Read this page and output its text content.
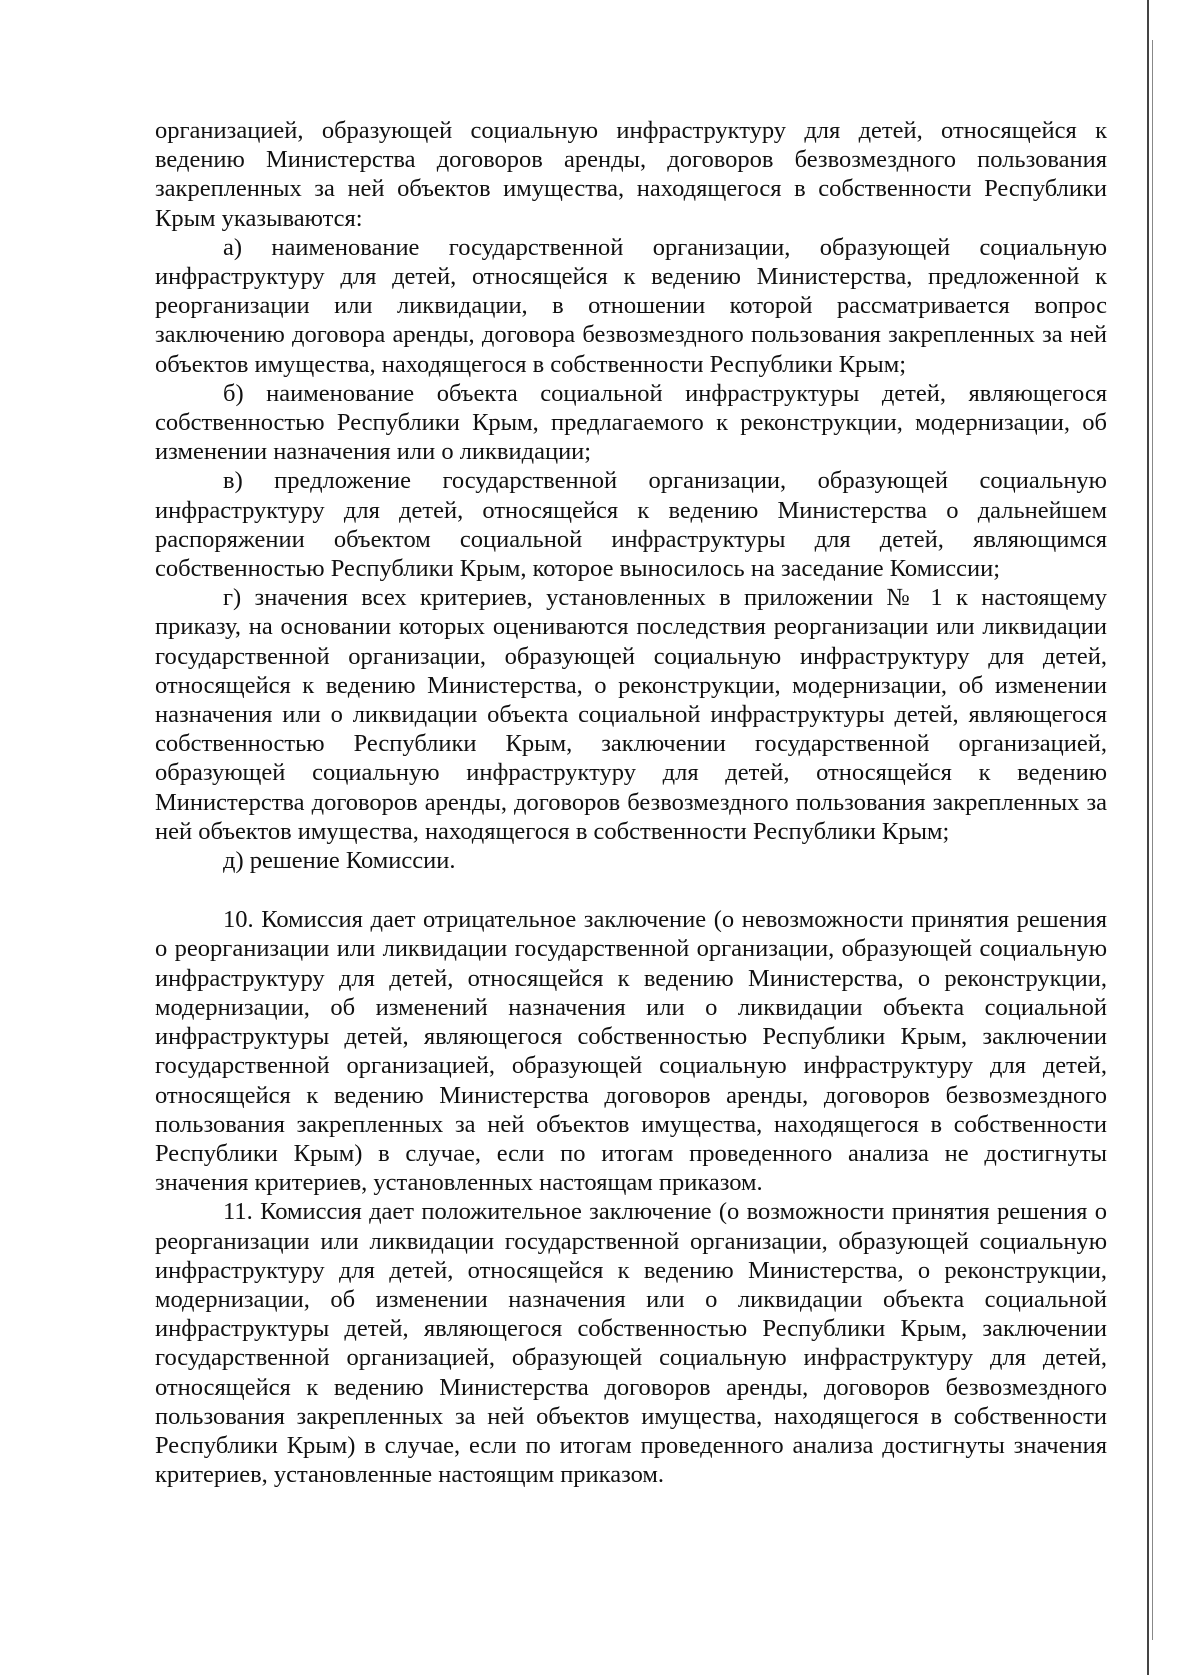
организацией, образующей социальную инфраструктуру для детей, относящейся к ведению Министерства договоров аренды, договоров безвозмездного пользования закрепленных за ней объектов имущества, находящегося в собственности Республики Крым указываются:

а) наименование государственной организации, образующей социальную инфраструктуру для детей, относящейся к ведению Министерства, предложенной к реорганизации или ликвидации, в отношении которой рассматривается вопрос заключению договора аренды, договора безвозмездного пользования закрепленных за ней объектов имущества, находящегося в собственности Республики Крым;

б) наименование объекта социальной инфраструктуры детей, являющегося собственностью Республики Крым, предлагаемого к реконструкции, модернизации, об изменении назначения или о ликвидации;

в) предложение государственной организации, образующей социальную инфраструктуру для детей, относящейся к ведению Министерства о дальнейшем распоряжении объектом социальной инфраструктуры для детей, являющимся собственностью Республики Крым, которое выносилось на заседание Комиссии;

г) значения всех критериев, установленных в приложении № 1 к настоящему приказу, на основании которых оцениваются последствия реорганизации или ликвидации государственной организации, образующей социальную инфраструктуру для детей, относящейся к ведению Министерства, о реконструкции, модернизации, об изменении назначения или о ликвидации объекта социальной инфраструктуры детей, являющегося собственностью Республики Крым, заключении государственной организацией, образующей социальную инфраструктуру для детей, относящейся к ведению Министерства договоров аренды, договоров безвозмездного пользования закрепленных за ней объектов имущества, находящегося в собственности Республики Крым;

д) решение Комиссии.

10. Комиссия дает отрицательное заключение (о невозможности принятия решения о реорганизации или ликвидации государственной организации, образующей социальную инфраструктуру для детей, относящейся к ведению Министерства, о реконструкции, модернизации, об изменений назначения или о ликвидации объекта социальной инфраструктуры детей, являющегося собственностью Республики Крым, заключении государственной организацией, образующей социальную инфраструктуру для детей, относящейся к ведению Министерства договоров аренды, договоров безвозмездного пользования закрепленных за ней объектов имущества, находящегося в собственности Республики Крым) в случае, если по итогам проведенного анализа не достигнуты значения критериев, установленных настоящам приказом.

11. Комиссия дает положительное заключение (о возможности принятия решения о реорганизации или ликвидации государственной организации, образующей социальную инфраструктуру для детей, относящейся к ведению Министерства, о реконструкции, модернизации, об изменении назначения или о ликвидации объекта социальной инфраструктуры детей, являющегося собственностью Республики Крым, заключении государственной организацией, образующей социальную инфраструктуру для детей, относящейся к ведению Министерства договоров аренды, договоров безвозмездного пользования закрепленных за ней объектов имущества, находящегося в собственности Республики Крым) в случае, если по итогам проведенного анализа достигнуты значения критериев, установленные настоящим приказом.
